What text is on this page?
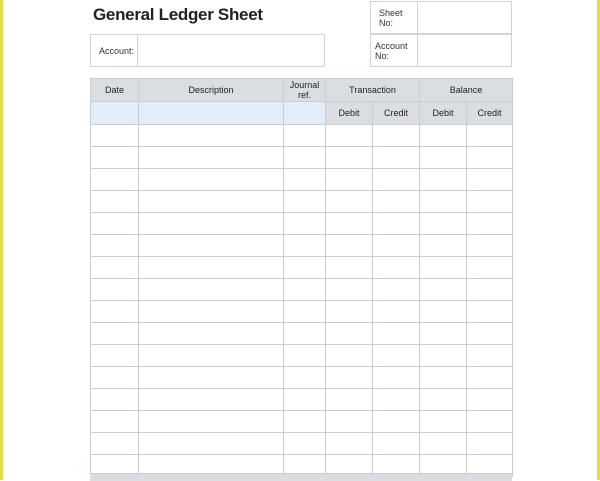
General Ledger Sheet	Sheet No:
Account No:
Account:
Date	Description	Journal ref.	Transaction		Balance	
			Debit	Credit	Debit	Credit
